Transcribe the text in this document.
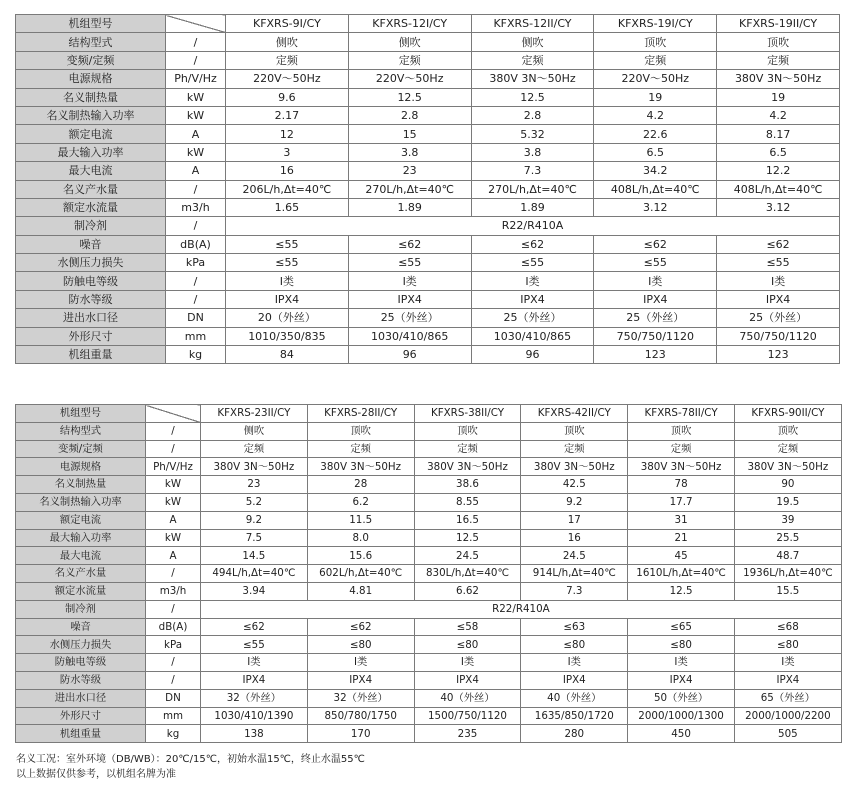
机组型号		KFXRS-9I/CY	KFXRS-12I/CY	KFXRS-12II/CY	KFXRS-19I/CY	KFXRS-19II/CY
结构型式	/	侧吹	侧吹	侧吹	顶吹	顶吹
变频/定频	/	定频	定频	定频	定频	定频
电源规格	Ph/V/Hz	220V～50Hz	220V～50Hz	380V 3N～50Hz	220V～50Hz	380V 3N～50Hz
名义制热量	kW	9.6	12.5	12.5	19	19
名义制热输入功率	kW	2.17	2.8	2.8	4.2	4.2
额定电流	A	12	15	5.32	22.6	8.17
最大输入功率	kW	3	3.8	3.8	6.5	6.5
最大电流	A	16	23	7.3	34.2	12.2
名义产水量	/	206L/h,Δt=40℃	270L/h,Δt=40℃	270L/h,Δt=40℃	408L/h,Δt=40℃	408L/h,Δt=40℃
额定水流量	m3/h	1.65	1.89	1.89	3.12	3.12
制冷剂	/	R22/R410A				
噪音	dB(A)	≤55	≤62	≤62	≤62	≤62
水侧压力损失	kPa	≤55	≤55	≤55	≤55	≤55
防触电等级	/	I类	I类	I类	I类	I类
防水等级	/	IPX4	IPX4	IPX4	IPX4	IPX4
进出水口径	DN	20（外丝）	25（外丝）	25（外丝）	25（外丝）	25（外丝）
外形尺寸	mm	1010/350/835	1030/410/865	1030/410/865	750/750/1120	750/750/1120
机组重量	kg	84	96	96	123	123
机组型号		KFXRS-23II/CY	KFXRS-28II/CY	KFXRS-38II/CY	KFXRS-42II/CY	KFXRS-78II/CY	KFXRS-90II/CY
结构型式	/	侧吹	顶吹	顶吹	顶吹	顶吹	顶吹
变频/定频	/	定频	定频	定频	定频	定频	定频
电源规格	Ph/V/Hz	380V 3N～50Hz	380V 3N～50Hz	380V 3N～50Hz	380V 3N～50Hz	380V 3N～50Hz	380V 3N～50Hz
名义制热量	kW	23	28	38.6	42.5	78	90
名义制热输入功率	kW	5.2	6.2	8.55	9.2	17.7	19.5
额定电流	A	9.2	11.5	16.5	17	31	39
最大输入功率	kW	7.5	8.0	12.5	16	21	25.5
最大电流	A	14.5	15.6	24.5	24.5	45	48.7
名义产水量	/	494L/h,Δt=40℃	602L/h,Δt=40℃	830L/h,Δt=40℃	914L/h,Δt=40℃	1610L/h,Δt=40℃	1936L/h,Δt=40℃
额定水流量	m3/h	3.94	4.81	6.62	7.3	12.5	15.5
制冷剂	/	R22/R410A					
噪音	dB(A)	≤62	≤62	≤58	≤63	≤65	≤68
水侧压力损失	kPa	≤55	≤80	≤80	≤80	≤80	≤80
防触电等级	/	I类	I类	I类	I类	I类	I类
防水等级	/	IPX4	IPX4	IPX4	IPX4	IPX4	IPX4
进出水口径	DN	32（外丝）	32（外丝）	40（外丝）	40（外丝）	50（外丝）	65（外丝）
外形尺寸	mm	1030/410/1390	850/780/1750	1500/750/1120	1635/850/1720	2000/1000/1300	2000/1000/2200
机组重量	kg	138	170	235	280	450	505
名义工况：室外环境（DB/WB）：20℃/15℃，初始水温15℃，终止水温55℃
以上数据仅供参考，以机组名牌为准
